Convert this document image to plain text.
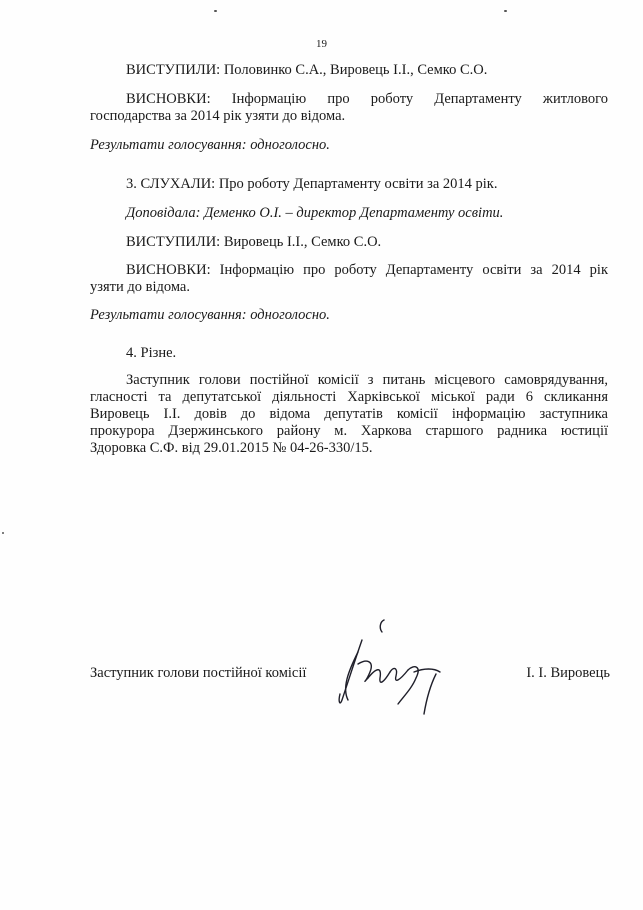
19

ВИСТУПИЛИ: Половинко С.А., Вировець І.І., Семко С.О.

ВИСНОВКИ: Інформацію про роботу Департаменту житлового

господарства за 2014 рік узяти до відома.

Результати голосування: одноголосно.

3. СЛУХАЛИ: Про роботу Департаменту освіти за 2014 рік.

Доповідала: Деменко О.І. – директор Департаменту освіти.

ВИСТУПИЛИ: Вировець І.І., Семко С.О.

ВИСНОВКИ: Інформацію про роботу Департаменту освіти за 2014 рік

узяти до відома.

Результати голосування: одноголосно.

4. Різне.

Заступник голови постійної комісії з питань місцевого самоврядування,

гласності та депутатської діяльності Харківської міської ради 6 скликання

Вировець І.І. довів до відома депутатів комісії інформацію заступника

прокурора Дзержинського району м. Харкова старшого радника юстиції

Здоровка С.Ф. від 29.01.2015 № 04-26-330/15.

Заступник голови постійної комісії	І. І. Вировець
